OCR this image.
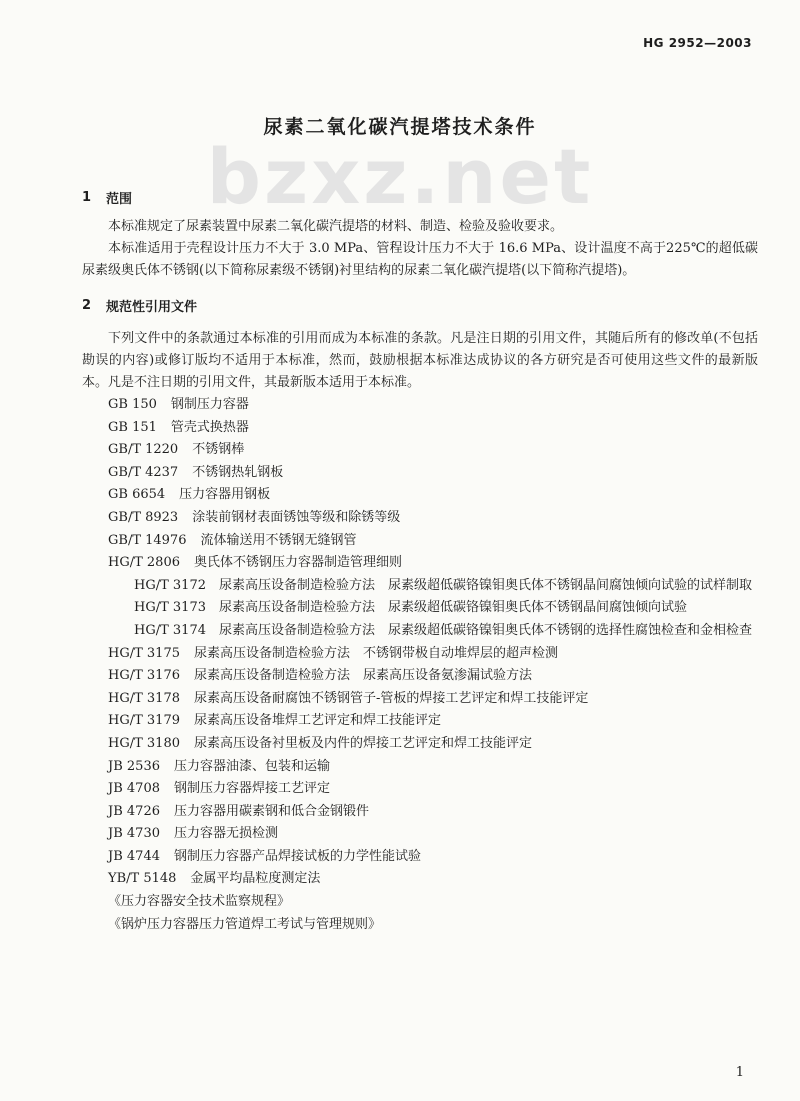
HG 2952—2003
bzxz.net
尿素二氧化碳汽提塔技术条件
1 范围

本标准规定了尿素装置中尿素二氧化碳汽提塔的材料、制造、检验及验收要求。

本标准适用于壳程设计压力不大于 3.0 MPa、管程设计压力不大于 16.6 MPa、设计温度不高于225℃的超低碳尿素级奥氏体不锈钢(以下简称尿素级不锈钢)衬里结构的尿素二氧化碳汽提塔(以下简称汽提塔)。

2 规范性引用文件

下列文件中的条款通过本标准的引用而成为本标准的条款。凡是注日期的引用文件，其随后所有的修改单(不包括勘误的内容)或修订版均不适用于本标准，然而，鼓励根据本标准达成协议的各方研究是否可使用这些文件的最新版本。凡是不注日期的引用文件，其最新版本适用于本标准。

GB 150 钢制压力容器
GB 151 管壳式换热器
GB/T 1220 不锈钢棒
GB/T 4237 不锈钢热轧钢板
GB 6654 压力容器用钢板
GB/T 8923 涂装前钢材表面锈蚀等级和除锈等级
GB/T 14976 流体输送用不锈钢无缝钢管
HG/T 2806 奥氏体不锈钢压力容器制造管理细则
HG/T 3172  尿素高压设备制造检验方法　尿素级超低碳铬镍钼奥氏体不锈钢晶间腐蚀倾向试验的试样制取
HG/T 3173  尿素高压设备制造检验方法　尿素级超低碳铬镍钼奥氏体不锈钢晶间腐蚀倾向试验
HG/T 3174  尿素高压设备制造检验方法　尿素级超低碳铬镍钼奥氏体不锈钢的选择性腐蚀检查和金相检查
HG/T 3175 尿素高压设备制造检验方法　不锈钢带极自动堆焊层的超声检测
HG/T 3176 尿素高压设备制造检验方法　尿素高压设备氨渗漏试验方法
HG/T 3178 尿素高压设备耐腐蚀不锈钢管子-管板的焊接工艺评定和焊工技能评定
HG/T 3179 尿素高压设备堆焊工艺评定和焊工技能评定
HG/T 3180 尿素高压设备衬里板及内件的焊接工艺评定和焊工技能评定
JB 2536 压力容器油漆、包装和运输
JB 4708 钢制压力容器焊接工艺评定
JB 4726 压力容器用碳素钢和低合金钢锻件
JB 4730 压力容器无损检测
JB 4744 钢制压力容器产品焊接试板的力学性能试验
YB/T 5148 金属平均晶粒度测定法
《压力容器安全技术监察规程》
《锅炉压力容器压力管道焊工考试与管理规则》
1
